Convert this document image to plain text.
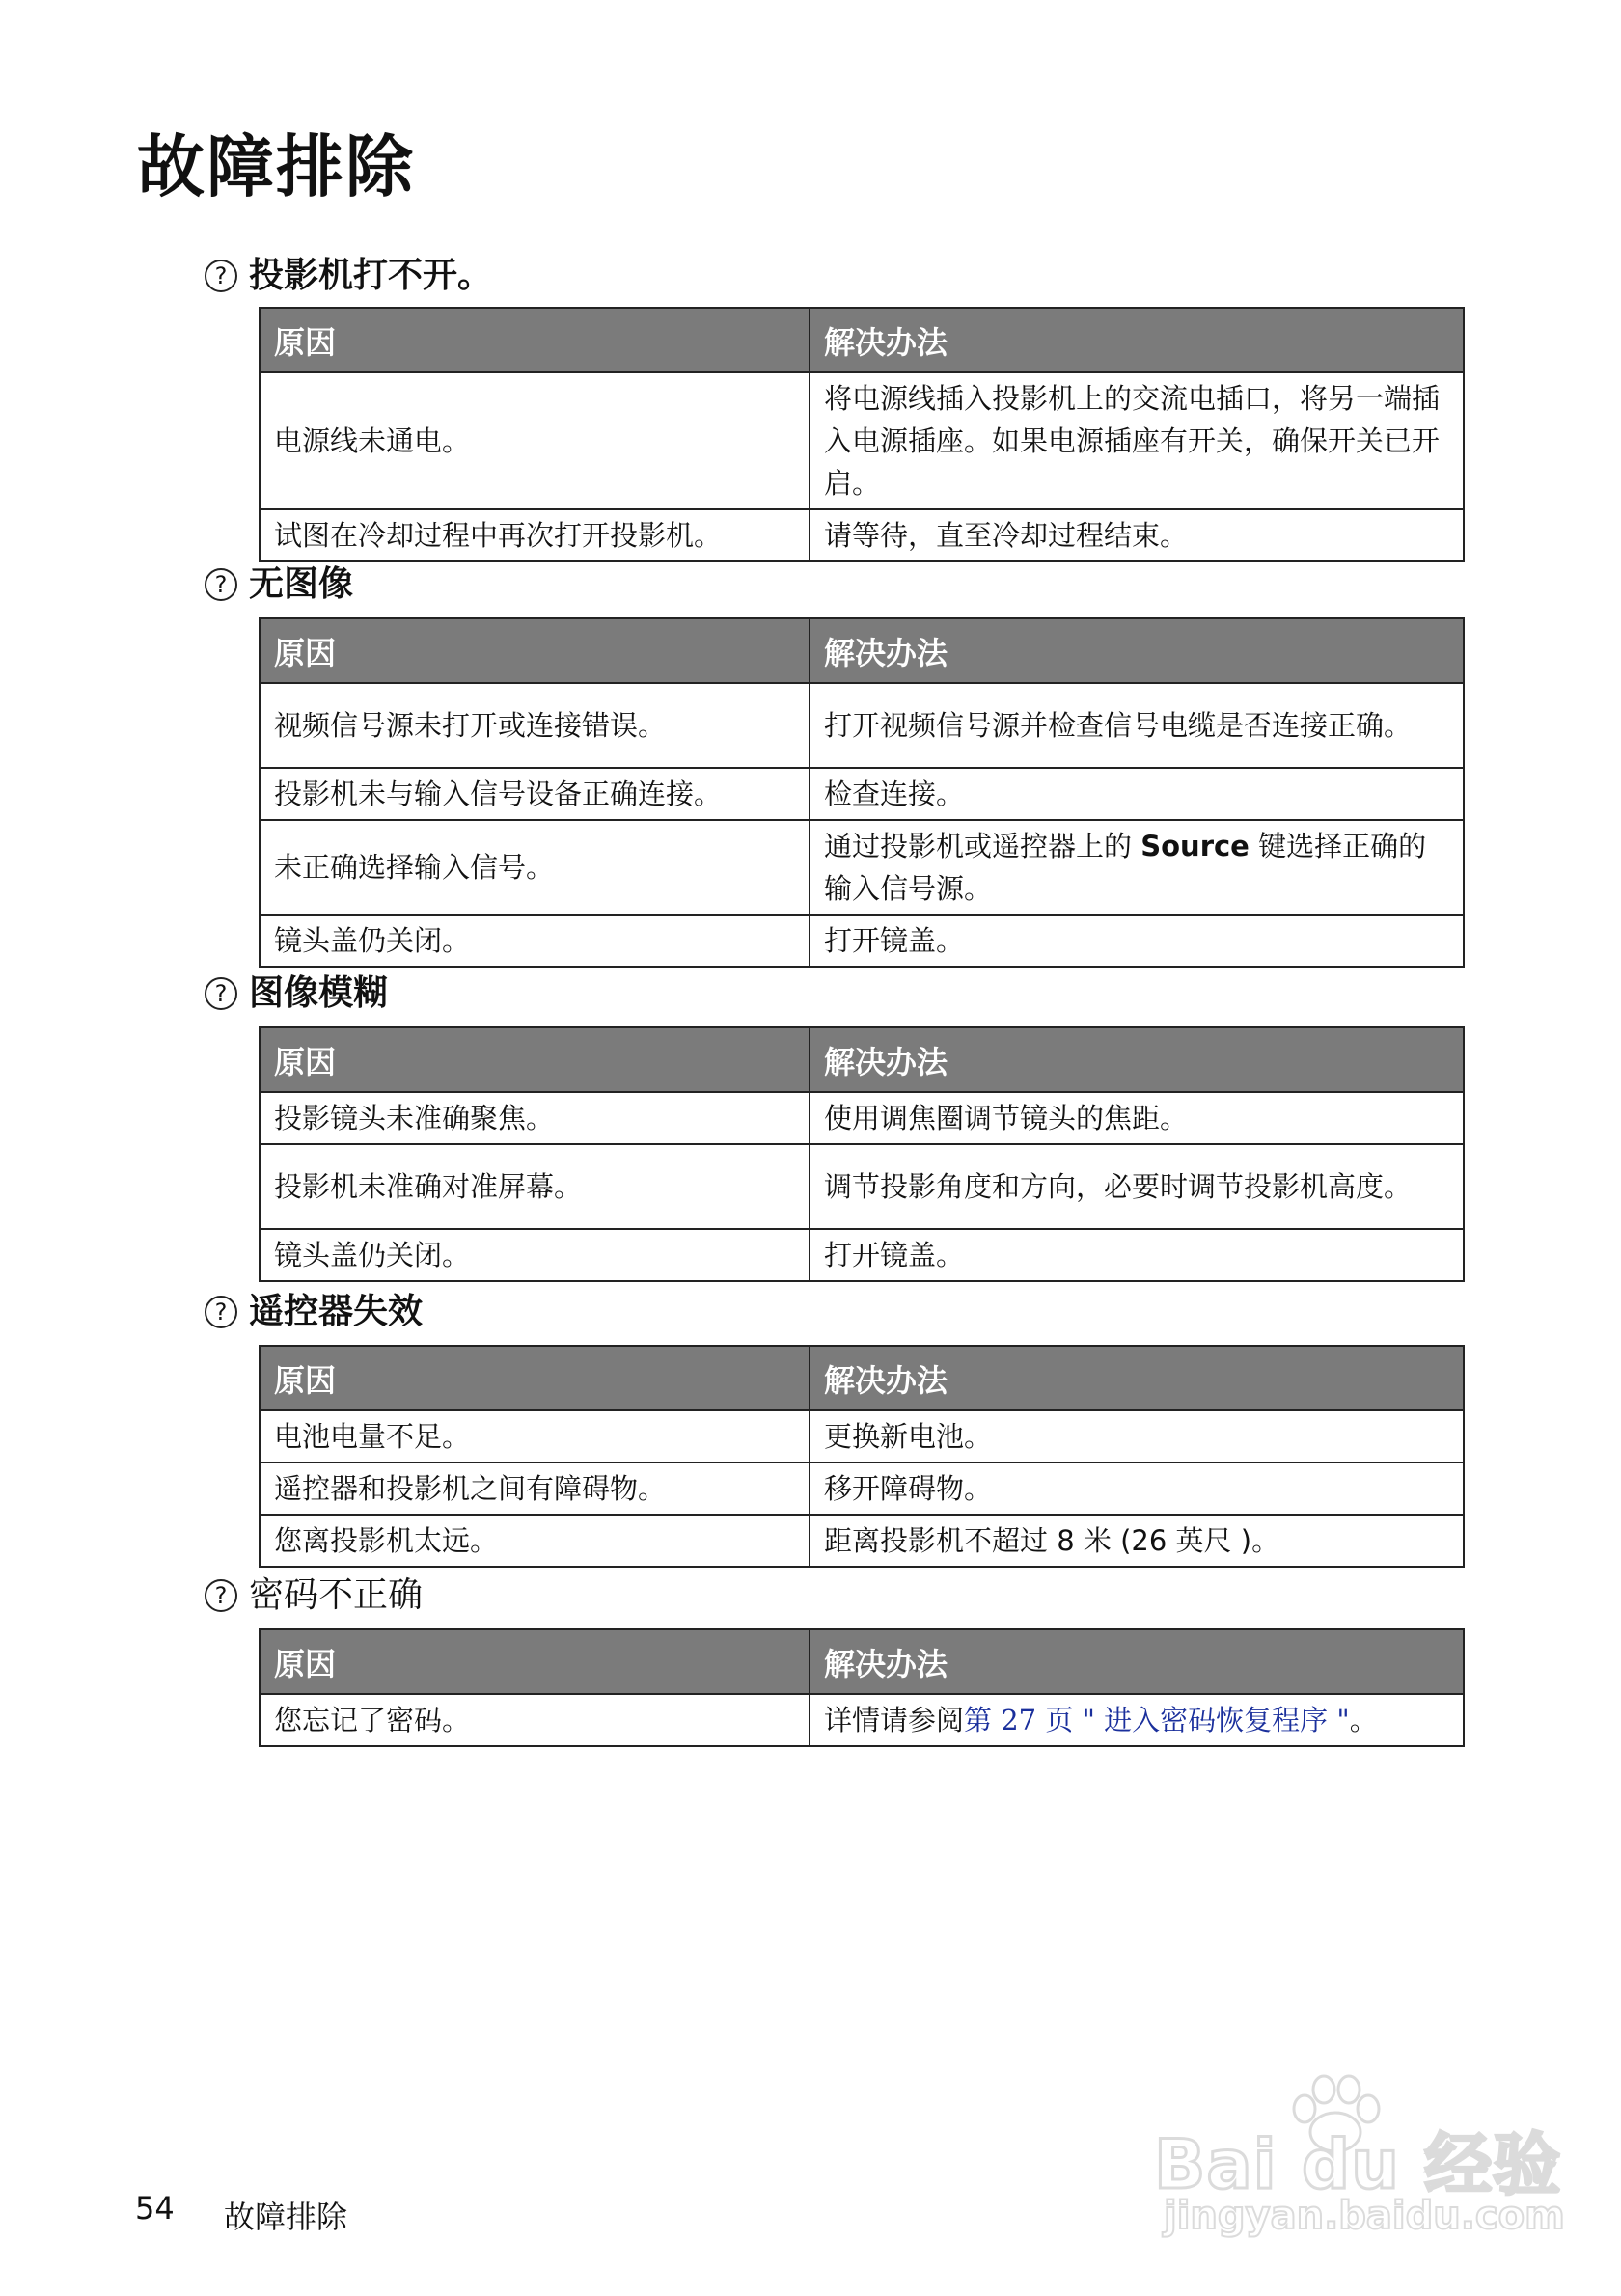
故障排除
? 投影机打不开。
原因	解决办法
电源线未通电。	将电源线插入投影机上的交流电插口，将另一端插入电源插座。如果电源插座有开关，确保开关已开启。
试图在冷却过程中再次打开投影机。	请等待，直至冷却过程结束。
? 无图像
原因	解决办法
视频信号源未打开或连接错误。	打开视频信号源并检查信号电缆是否连接正确。
投影机未与输入信号设备正确连接。	检查连接。
未正确选择输入信号。	通过投影机或遥控器上的 Source 键选择正确的输入信号源。
镜头盖仍关闭。	打开镜盖。
? 图像模糊
原因	解决办法
投影镜头未准确聚焦。	使用调焦圈调节镜头的焦距。
投影机未准确对准屏幕。	调节投影角度和方向，必要时调节投影机高度。
镜头盖仍关闭。	打开镜盖。
? 遥控器失效
原因	解决办法
电池电量不足。	更换新电池。
遥控器和投影机之间有障碍物。	移开障碍物。
您离投影机太远。	距离投影机不超过 8 米 (26 英尺 )。
? 密码不正确
原因	解决办法
您忘记了密码。	详情请参阅第 27 页 " 进入密码恢复程序 "。
54 故障排除
Bai du 经验
jingyan.baidu.com
